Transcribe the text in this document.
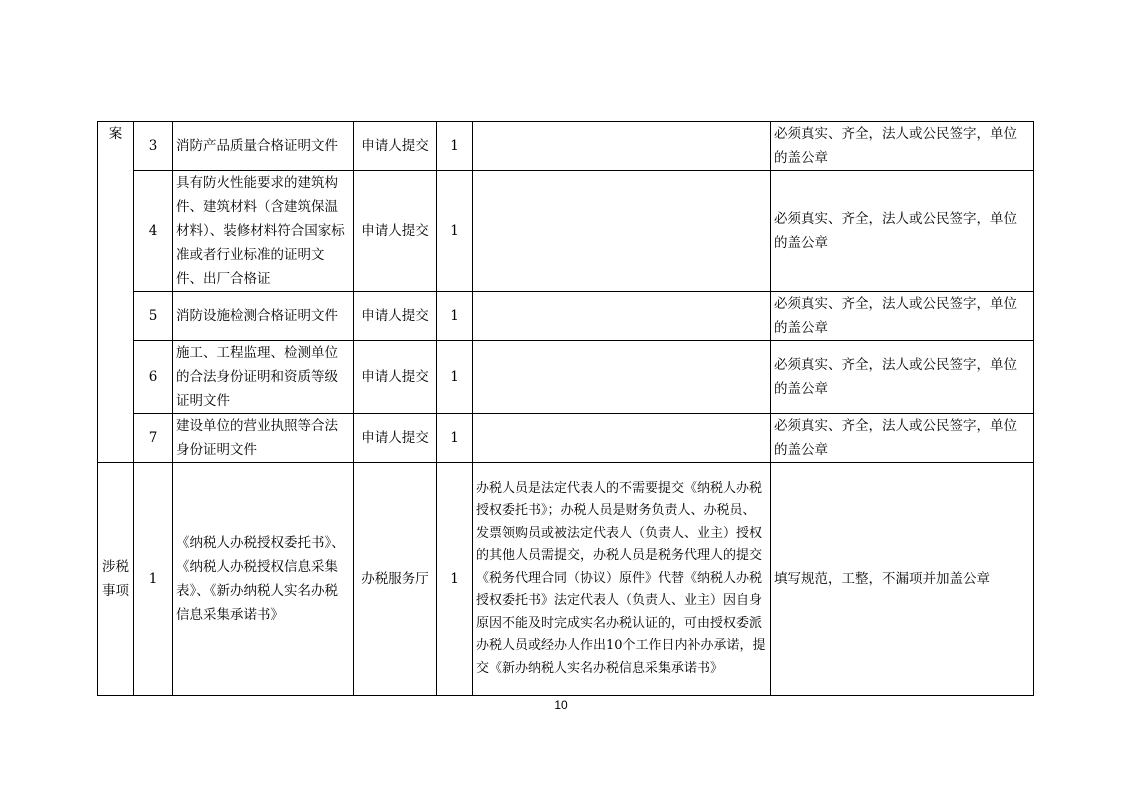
案	3	消防产品质量合格证明文件	申请人提交	1		必须真实、齐全，法人或公民签字，单位的盖公章
	4	具有防火性能要求的建筑构件、建筑材料（含建筑保温材料）、装修材料符合国家标准或者行业标准的证明文件、出厂合格证	申请人提交	1		必须真实、齐全，法人或公民签字，单位的盖公章
	5	消防设施检测合格证明文件	申请人提交	1		必须真实、齐全，法人或公民签字，单位的盖公章
	6	施工、工程监理、检测单位的合法身份证明和资质等级证明文件	申请人提交	1		必须真实、齐全，法人或公民签字，单位的盖公章
	7	建设单位的营业执照等合法身份证明文件	申请人提交	1		必须真实、齐全，法人或公民签字，单位的盖公章
涉税事项	1	《纳税人办税授权委托书》、《纳税人办税授权信息采集表》、《新办纳税人实名办税信息采集承诺书》	办税服务厅	1	办税人员是法定代表人的不需要提交《纳税人办税授权委托书》；办税人员是财务负责人、办税员、发票领购员或被法定代表人（负责人、业主）授权的其他人员需提交，办税人员是税务代理人的提交《税务代理合同（协议）原件》代替《纳税人办税授权委托书》法定代表人（负责人、业主）因自身原因不能及时完成实名办税认证的，可由授权委派办税人员或经办人作出10个工作日内补办承诺，提交《新办纳税人实名办税信息采集承诺书》	填写规范，工整，不漏项并加盖公章
10
